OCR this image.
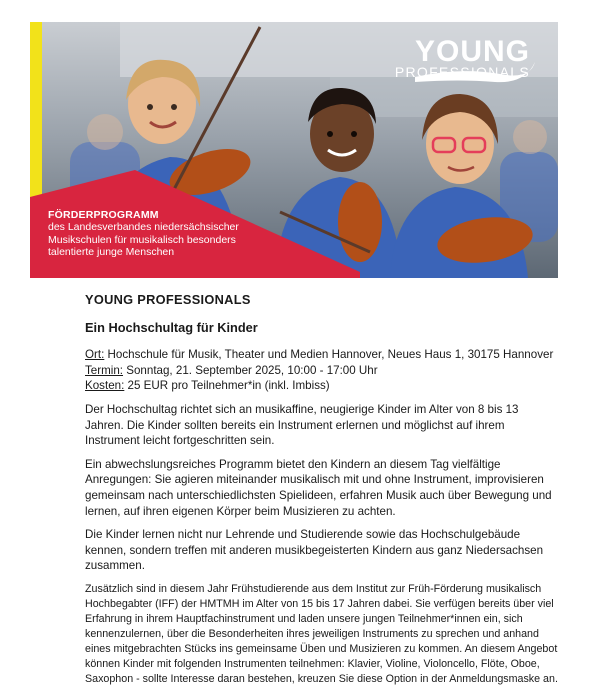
YOUNG
PROFESSIONALS
FÖRDERPROGRAMM
des Landesverbandes niedersächsischer
Musikschulen für musikalisch besonders
talentierte junge Menschen
YOUNG PROFESSIONALS
Ein Hochschultag für Kinder
Ort: Hochschule für Musik, Theater und Medien Hannover, Neues Haus 1, 30175 Hannover
Termin: Sonntag, 21. September 2025, 10:00 - 17:00 Uhr
Kosten: 25 EUR pro Teilnehmer*in (inkl. Imbiss)

Der Hochschultag richtet sich an musikaffine, neugierige Kinder im Alter von 8 bis 13 Jahren. Die Kinder sollten bereits ein Instrument erlernen und möglichst auf ihrem Instrument leicht fortgeschritten sein.

Ein abwechslungsreiches Programm bietet den Kindern an diesem Tag vielfältige Anregungen: Sie agieren miteinander musikalisch mit und ohne Instrument, improvisieren gemeinsam nach unterschiedlichsten Spielideen, erfahren Musik auch über Bewegung und lernen, auf ihren eigenen Körper beim Musizieren zu achten.

Die Kinder lernen nicht nur Lehrende und Studierende sowie das Hochschulgebäude kennen, sondern treffen mit anderen musikbegeisterten Kindern aus ganz Niedersachsen zusammen.

Zusätzlich sind in diesem Jahr Frühstudierende aus dem Institut zur Früh-Förderung musikalisch Hochbegabter (IFF) der HMTMH im Alter von 15 bis 17 Jahren dabei. Sie verfügen bereits über viel Erfahrung in ihrem Hauptfachinstrument und laden unsere jungen Teilnehmer*innen ein, sich kennenzulernen, über die Besonderheiten ihres jeweiligen Instruments zu sprechen und anhand eines mitgebrachten Stücks ins gemeinsame Üben und Musizieren zu kommen. An diesem Angebot können Kinder mit folgenden Instrumenten teilnehmen: Klavier, Violine, Violoncello, Flöte, Oboe, Saxophon - sollte Interesse daran bestehen, kreuzen Sie diese Option in der Anmeldungsmaske an.
